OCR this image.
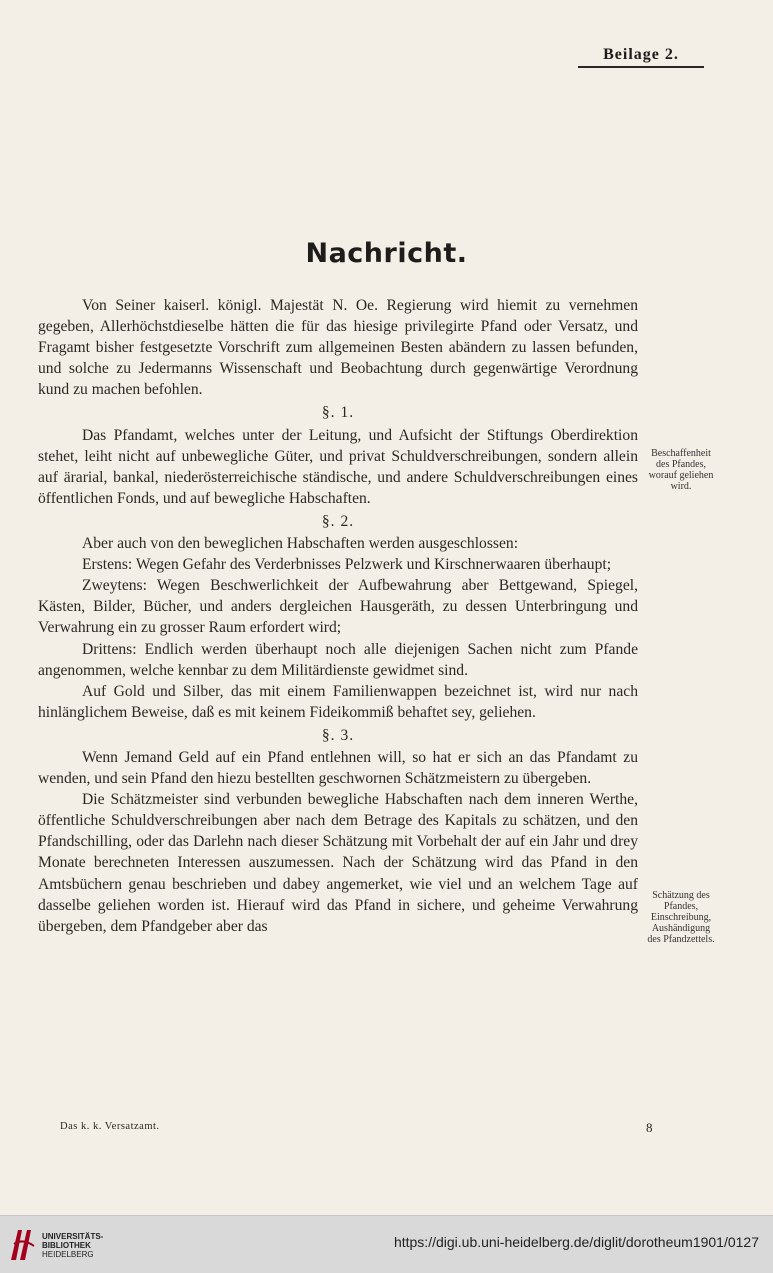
Beilage 2.
Nachricht.

Von Seiner kaiserl. königl. Majestät N. Oe. Regierung wird hiemit zu vernehmen gegeben, Allerhöchstdieselbe hätten die für das hiesige privilegirte Pfand oder Versatz, und Fragamt bisher festgesetzte Vorschrift zum allgemeinen Besten abändern zu lassen befunden, und solche zu Jedermanns Wissenschaft und Beobachtung durch gegenwärtige Verordnung kund zu machen befohlen.

§. 1.

Das Pfandamt, welches unter der Leitung, und Aufsicht der Stiftungs Oberdirektion stehet, leiht nicht auf unbewegliche Güter, und privat Schuldverschreibungen, sondern allein auf ärarial, bankal, niederösterreichische ständische, und andere Schuldverschreibungen eines öffentlichen Fonds, und auf bewegliche Habschaften.

§. 2.

Aber auch von den beweglichen Habschaften werden ausgeschlossen:

Erstens: Wegen Gefahr des Verderbnisses Pelzwerk und Kirschnerwaaren überhaupt;

Zweytens: Wegen Beschwerlichkeit der Aufbewahrung aber Bettgewand, Spiegel, Kästen, Bilder, Bücher, und anders dergleichen Hausgeräth, zu dessen Unterbringung und Verwahrung ein zu grosser Raum erfordert wird;

Drittens: Endlich werden überhaupt noch alle diejenigen Sachen nicht zum Pfande angenommen, welche kennbar zu dem Militärdienste gewidmet sind.

Auf Gold und Silber, das mit einem Familienwappen bezeichnet ist, wird nur nach hinlänglichem Beweise, daß es mit keinem Fideikommiß behaftet sey, geliehen.

§. 3.

Wenn Jemand Geld auf ein Pfand entlehnen will, so hat er sich an das Pfandamt zu wenden, und sein Pfand den hiezu bestellten geschwornen Schätzmeistern zu übergeben.

Die Schätzmeister sind verbunden bewegliche Habschaften nach dem inneren Werthe, öffentliche Schuldverschreibungen aber nach dem Betrage des Kapitals zu schätzen, und den Pfandschilling, oder das Darlehn nach dieser Schätzung mit Vorbehalt der auf ein Jahr und drey Monate berechneten Interessen auszumessen. Nach der Schätzung wird das Pfand in den Amtsbüchern genau beschrieben und dabey angemerket, wie viel und an welchem Tage auf dasselbe geliehen worden ist. Hierauf wird das Pfand in sichere, und geheime Verwahrung übergeben, dem Pfandgeber aber das

Beschaffenheit des Pfandes, worauf geliehen wird.
Schätzung des Pfandes, Einschreibung, Aushändigung des Pfandzettels.
Das k. k. Versatzamt.	8
UNIVERSITÄTS-
BIBLIOTHEK
HEIDELBERG
https://digi.ub.uni-heidelberg.de/diglit/dorotheum1901/0127
